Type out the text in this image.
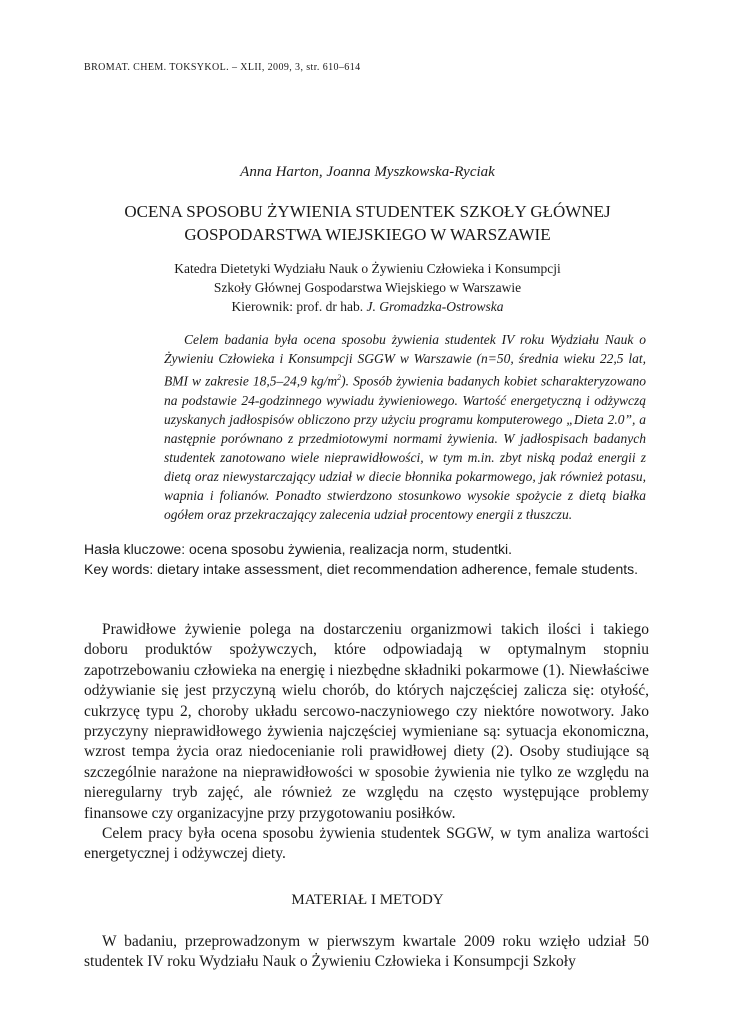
BROMAT. CHEM. TOKSYKOL. – XLII, 2009, 3, str. 610–614
Anna Harton, Joanna Myszkowska-Ryciak
OCENA SPOSOBU ŻYWIENIA STUDENTEK SZKOŁY GŁÓWNEJ
GOSPODARSTWA WIEJSKIEGO W WARSZAWIE
Katedra Dietetyki Wydziału Nauk o Żywieniu Człowieka i Konsumpcji
Szkoły Głównej Gospodarstwa Wiejskiego w Warszawie
Kierownik: prof. dr hab. J. Gromadzka-Ostrowska
Celem badania była ocena sposobu żywienia studentek IV roku Wydziału Nauk o Żywieniu Człowieka i Konsumpcji SGGW w Warszawie (n=50, średnia wieku 22,5 lat, BMI w zakresie 18,5–24,9 $kg/m^2$). Sposób żywienia badanych kobiet scharakteryzowano na podstawie 24-godzinnego wywiadu żywieniowego. Wartość energetyczną i odżywczą uzyskanych jadłospisów obliczono przy użyciu programu komputerowego „Dieta 2.0”, a następnie porównano z przedmiotowymi normami żywienia. W jadłospisach badanych studentek zanotowano wiele nieprawidłowości, w tym m.in. zbyt niską podaż energii z dietą oraz niewystarczający udział w diecie błonnika pokarmowego, jak również potasu, wapnia i folianów. Ponadto stwierdzono stosunkowo wysokie spożycie z dietą białka ogółem oraz przekraczający zalecenia udział procentowy energii z tłuszczu.

Hasła kluczowe: ocena sposobu żywienia, realizacja norm, studentki.

Key words: dietary intake assessment, diet recommendation adherence, female students.

Prawidłowe żywienie polega na dostarczeniu organizmowi takich ilości i takiego doboru produktów spożywczych, które odpowiadają w optymalnym stopniu zapotrzebowaniu człowieka na energię i niezbędne składniki pokarmowe (1). Niewłaściwe odżywianie się jest przyczyną wielu chorób, do których najczęściej zalicza się: otyłość, cukrzycę typu 2, choroby układu sercowo-naczyniowego czy niektóre nowotwory. Jako przyczyny nieprawidłowego żywienia najczęściej wymieniane są: sytuacja ekonomiczna, wzrost tempa życia oraz niedocenianie roli prawidłowej diety (2). Osoby studiujące są szczególnie narażone na nieprawidłowości w sposobie żywienia nie tylko ze względu na nieregularny tryb zajęć, ale również ze względu na często występujące problemy finansowe czy organizacyjne przy przygotowaniu posiłków.

Celem pracy była ocena sposobu żywienia studentek SGGW, w tym analiza wartości energetycznej i odżywczej diety.

MATERIAŁ I METODY

W badaniu, przeprowadzonym w pierwszym kwartale 2009 roku wzięło udział 50 studentek IV roku Wydziału Nauk o Żywieniu Człowieka i Konsumpcji Szkoły
